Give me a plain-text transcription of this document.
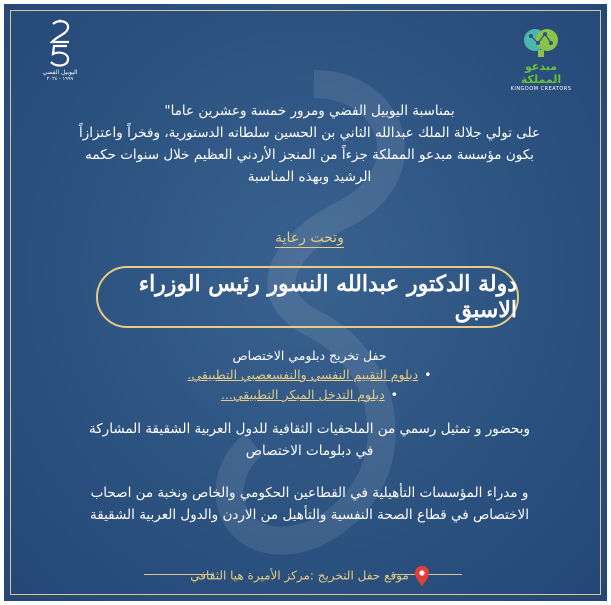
اليوبيل الفضي
١٩٩٩ - ٢٠٢٤
مبدعو المملكة
KINGDOM CREATORS
بمناسبة اليوبيل الفضي ومرور خمسة وعشرين عاما"
على تولي جلالة الملك عبدالله الثاني بن الحسين سلطاته الدستورية، وفخراً واعتزازاً
بكون مؤسسة مبدعو المملكة جزءاً من المنجز الأردني العظيم خلال سنوات حكمه
الرشيد وبهذه المناسبة
وتحت رعاية
دولة الدكتور عبدالله النسور رئيس الوزراء الاسبق
حفل تخريج دبلومي الاختصاص
•دبلوم التقييم النفسي والنفسعصبي التطبيقي.
•دبلوم التدخل المبكر التطبيقي...
وبحضور و تمثيل رسمي من الملحقيات الثقافية للدول العربية الشقيقة المشاركة
في دبلومات الاختصاص
و مدراء المؤسسات التأهيلية في القطاعين الحكومي والخاص ونخبة من اصحاب
الاختصاص في قطاع الصحة النفسية والتأهيل من الاردن والدول العربية الشقيقة
موقع حفل التخريج :مركز الأميرة هيا الثقافي
